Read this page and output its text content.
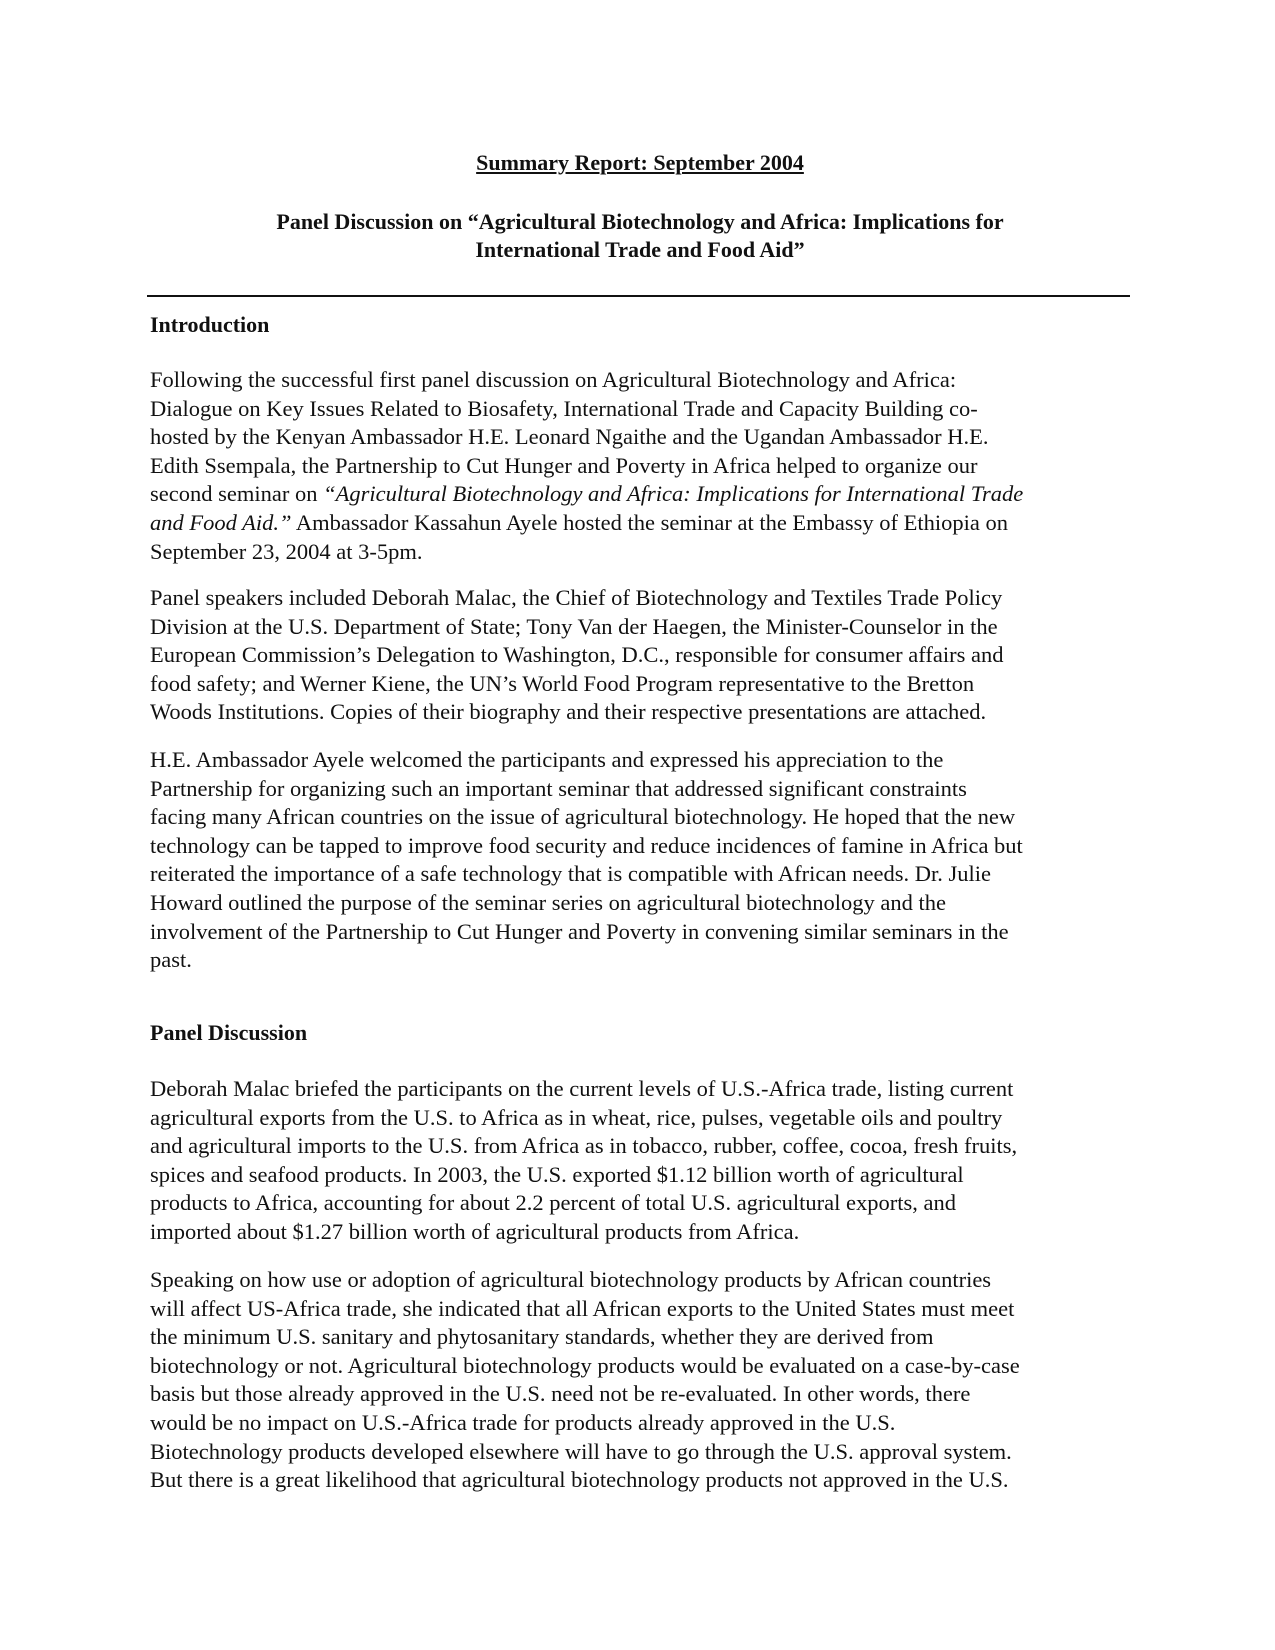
Summary Report: September 2004
Panel Discussion on “Agricultural Biotechnology and Africa: Implications for
International Trade and Food Aid”
Introduction

Following the successful first panel discussion on Agricultural Biotechnology and Africa:
Dialogue on Key Issues Related to Biosafety, International Trade and Capacity Building co-
hosted by the Kenyan Ambassador H.E. Leonard Ngaithe and the Ugandan Ambassador H.E.
Edith Ssempala, the Partnership to Cut Hunger and Poverty in Africa helped to organize our
second seminar on “Agricultural Biotechnology and Africa: Implications for International Trade
and Food Aid.” Ambassador Kassahun Ayele hosted the seminar at the Embassy of Ethiopia on
September 23, 2004 at 3-5pm.

Panel speakers included Deborah Malac, the Chief of Biotechnology and Textiles Trade Policy
Division at the U.S. Department of State; Tony Van der Haegen, the Minister-Counselor in the
European Commission’s Delegation to Washington, D.C., responsible for consumer affairs and
food safety; and Werner Kiene, the UN’s World Food Program representative to the Bretton
Woods Institutions. Copies of their biography and their respective presentations are attached.

H.E. Ambassador Ayele welcomed the participants and expressed his appreciation to the
Partnership for organizing such an important seminar that addressed significant constraints
facing many African countries on the issue of agricultural biotechnology. He hoped that the new
technology can be tapped to improve food security and reduce incidences of famine in Africa but
reiterated the importance of a safe technology that is compatible with African needs. Dr. Julie
Howard outlined the purpose of the seminar series on agricultural biotechnology and the
involvement of the Partnership to Cut Hunger and Poverty in convening similar seminars in the
past.

Panel Discussion

Deborah Malac briefed the participants on the current levels of U.S.-Africa trade, listing current
agricultural exports from the U.S. to Africa as in wheat, rice, pulses, vegetable oils and poultry
and agricultural imports to the U.S. from Africa as in tobacco, rubber, coffee, cocoa, fresh fruits,
spices and seafood products. In 2003, the U.S. exported $1.12 billion worth of agricultural
products to Africa, accounting for about 2.2 percent of total U.S. agricultural exports, and
imported about $1.27 billion worth of agricultural products from Africa.

Speaking on how use or adoption of agricultural biotechnology products by African countries
will affect US-Africa trade, she indicated that all African exports to the United States must meet
the minimum U.S. sanitary and phytosanitary standards, whether they are derived from
biotechnology or not. Agricultural biotechnology products would be evaluated on a case-by-case
basis but those already approved in the U.S. need not be re-evaluated. In other words, there
would be no impact on U.S.-Africa trade for products already approved in the U.S.
Biotechnology products developed elsewhere will have to go through the U.S. approval system.
But there is a great likelihood that agricultural biotechnology products not approved in the U.S.
